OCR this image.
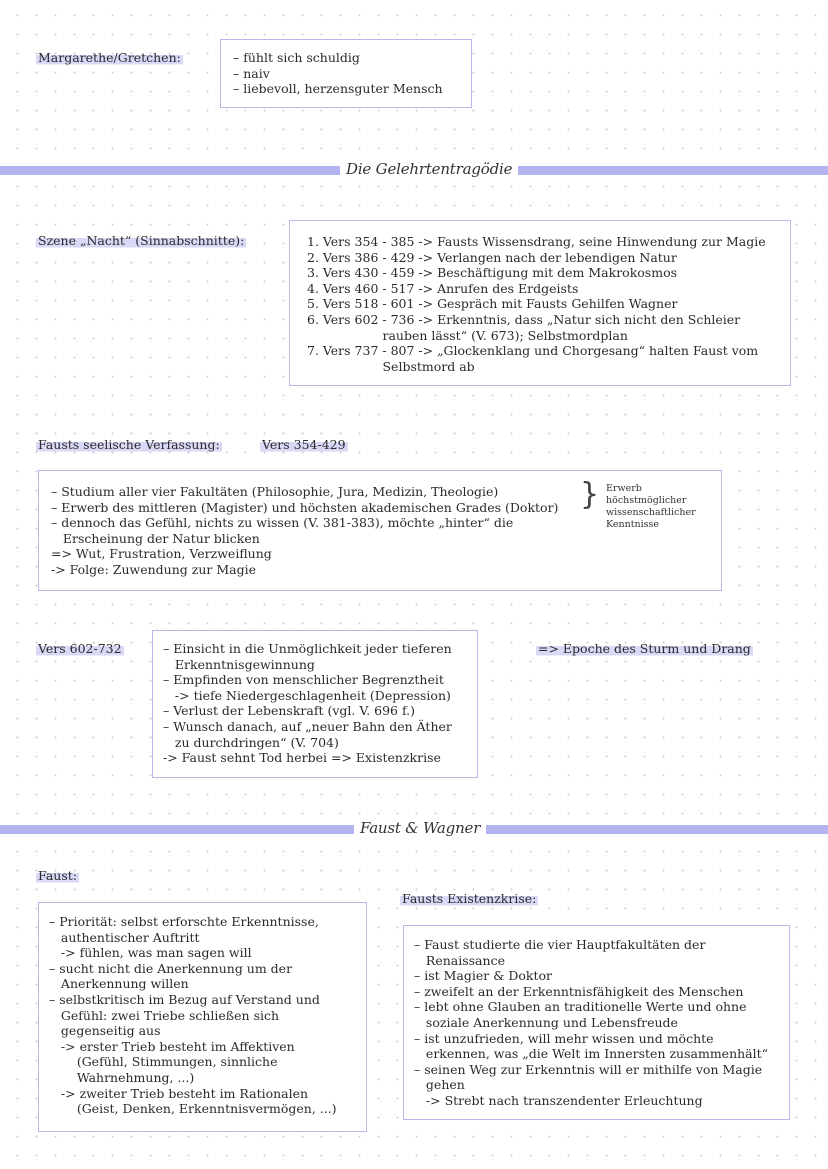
Margarethe/Gretchen:	– fühlt sich schuldig
– naiv
– liebevoll, herzensguter Mensch
Die Gelehrtentragödie
Szene „Nacht“ (Sinnabschnitte):	1. Vers 354 - 385 -> Fausts Wissensdrang, seine Hinwendung zur Magie
2. Vers 386 - 429 -> Verlangen nach der lebendigen Natur
3. Vers 430 - 459 -> Beschäftigung mit dem Makrokosmos
4. Vers 460 - 517 -> Anrufen des Erdgeists
5. Vers 518 - 601 -> Gespräch mit Fausts Gehilfen Wagner
6. Vers 602 - 736 -> Erkenntnis, dass „Natur sich nicht den Schleier
rauben lässt“ (V. 673); Selbstmordplan
7. Vers 737 - 807 -> „Glockenklang und Chorgesang“ halten Faust vom
Selbstmord ab
Fausts seelische Verfassung:	Vers 354-429
– Studium aller vier Fakultäten (Philosophie, Jura, Medizin, Theologie)
– Erwerb des mittleren (Magister) und höchsten akademischen Grades (Doktor)
– dennoch das Gefühl, nichts zu wissen (V. 381-383), möchte „hinter“ die
Erscheinung der Natur blicken
=> Wut, Frustration, Verzweiflung
-> Folge: Zuwendung zur Magie
} Erwerb
höchstmöglicher
wissenschaftlicher
Kenntnisse
Vers 602-732	– Einsicht in die Unmöglichkeit jeder tieferen
Erkenntnisgewinnung
– Empfinden von menschlicher Begrenztheit
-> tiefe Niedergeschlagenheit (Depression)
– Verlust der Lebenskraft (vgl. V. 696 f.)
– Wunsch danach, auf „neuer Bahn den Äther
zu durchdringen“ (V. 704)
-> Faust sehnt Tod herbei => Existenzkrise
=> Epoche des Sturm und Drang
Faust & Wagner
Faust:
– Priorität: selbst erforschte Erkenntnisse,
authentischer Auftritt
-> fühlen, was man sagen will
– sucht nicht die Anerkennung um der
Anerkennung willen
– selbstkritisch im Bezug auf Verstand und
Gefühl: zwei Triebe schließen sich
gegenseitig aus
-> erster Trieb besteht im Affektiven
(Gefühl, Stimmungen, sinnliche
Wahrnehmung, ...)
-> zweiter Trieb besteht im Rationalen
(Geist, Denken, Erkenntnisvermögen, ...)
Fausts Existenzkrise:
– Faust studierte die vier Hauptfakultäten der
Renaissance
– ist Magier & Doktor
– zweifelt an der Erkenntnisfähigkeit des Menschen
– lebt ohne Glauben an traditionelle Werte und ohne
soziale Anerkennung und Lebensfreude
– ist unzufrieden, will mehr wissen und möchte
erkennen, was „die Welt im Innersten zusammenhält“
– seinen Weg zur Erkenntnis will er mithilfe von Magie
gehen
-> Strebt nach transzendenter Erleuchtung
